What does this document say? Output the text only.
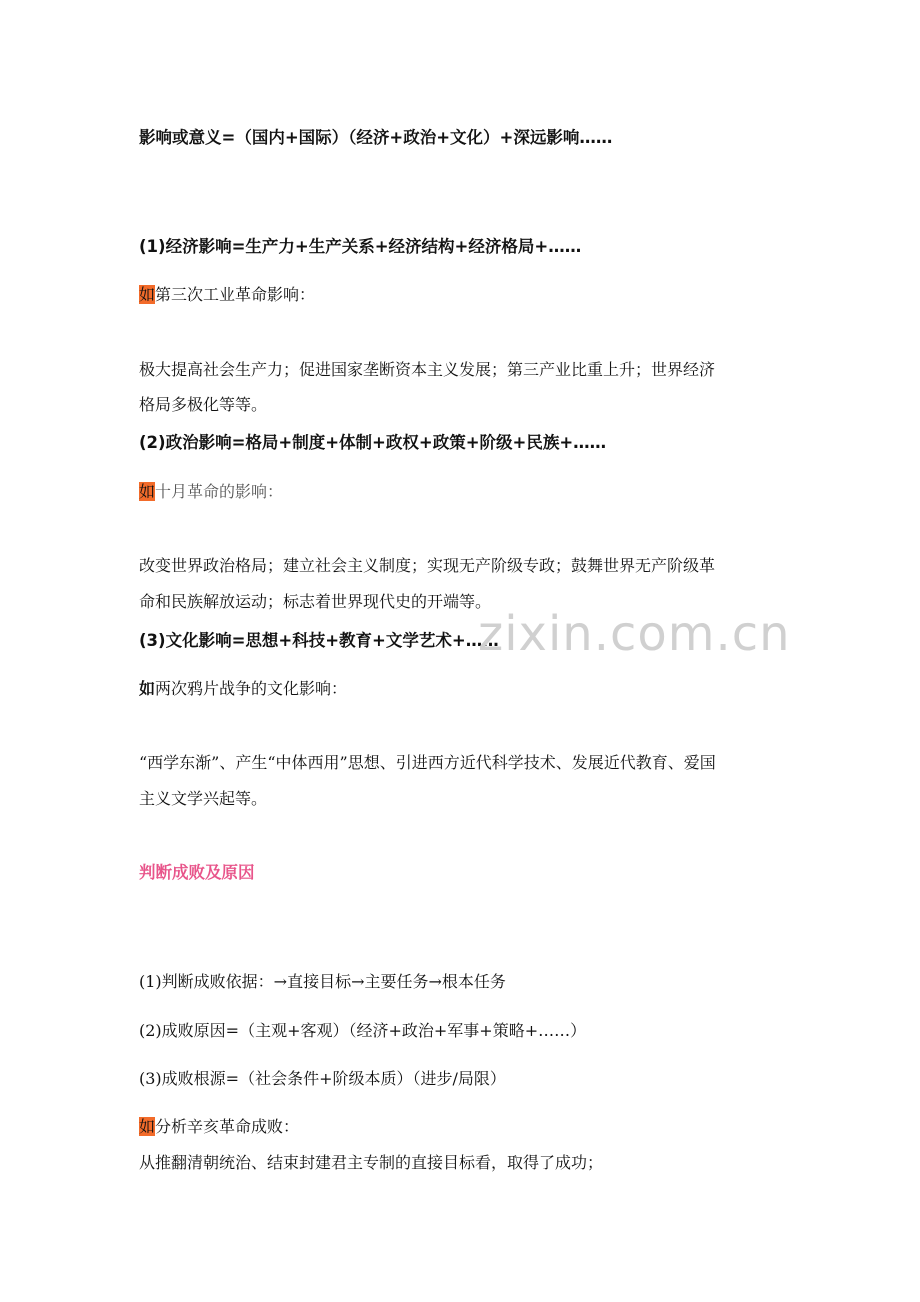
影响或意义=（国内+国际）（经济+政治+文化）+深远影响……
(1)经济影响=生产力+生产关系+经济结构+经济格局+……
如第三次工业革命影响：
极大提高社会生产力；促进国家垄断资本主义发展；第三产业比重上升；世界经济
格局多极化等等。
(2)政治影响=格局+制度+体制+政权+政策+阶级+民族+……
如十月革命的影响：
改变世界政治格局；建立社会主义制度；实现无产阶级专政；鼓舞世界无产阶级革
命和民族解放运动；标志着世界现代史的开端等。
(3)文化影响=思想+科技+教育+文学艺术+……
如两次鸦片战争的文化影响：
“西学东渐”、产生“中体西用”思想、引进西方近代科学技术、发展近代教育、爱国
主义文学兴起等。
判断成败及原因
(1)判断成败依据：→直接目标→主要任务→根本任务
(2)成败原因=（主观+客观）（经济+政治+军事+策略+……）
(3)成败根源=（社会条件+阶级本质）（进步/局限）
如分析辛亥革命成败：
从推翻清朝统治、结束封建君主专制的直接目标看，取得了成功；
zixin.com.cn
